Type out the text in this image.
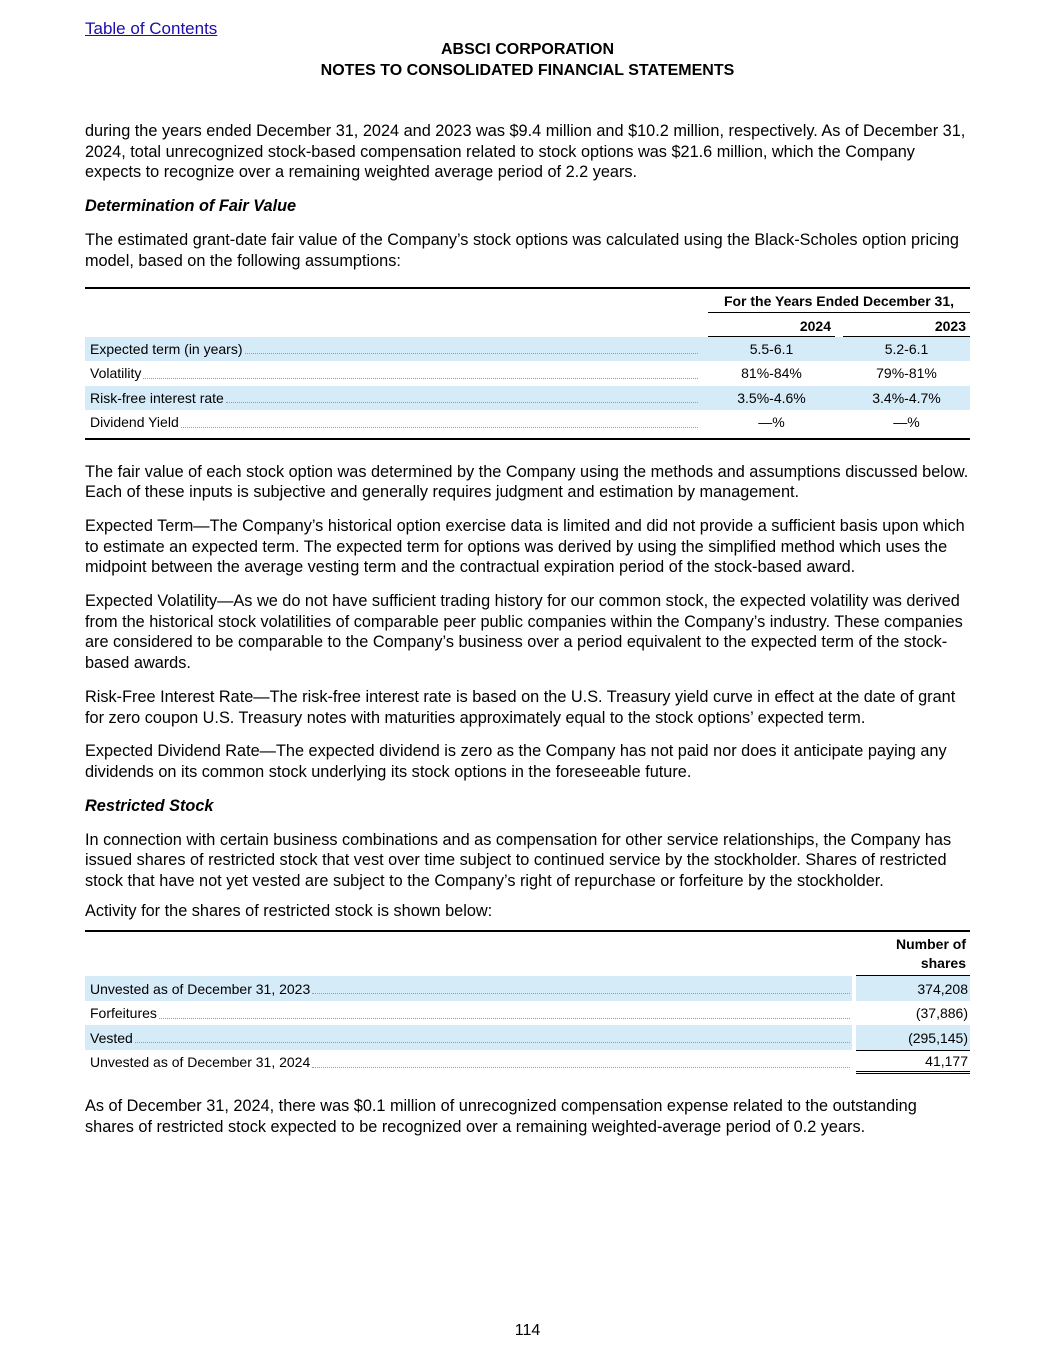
Table of Contents
ABSCI CORPORATION
NOTES TO CONSOLIDATED FINANCIAL STATEMENTS

during the years ended December 31, 2024 and 2023 was $9.4 million and $10.2 million, respectively. As of December 31, 2024, total unrecognized stock-based compensation related to stock options was $21.6 million, which the Company expects to recognize over a remaining weighted average period of 2.2 years.

Determination of Fair Value

The estimated grant-date fair value of the Company’s stock options was calculated using the Black-Scholes option pricing model, based on the following assumptions:

For the Years Ended December 31,
2024	2023
Expected term (in years)	5.5-6.1	5.2-6.1
Volatility	81%-84%	79%-81%
Risk-free interest rate	3.5%-4.6%	3.4%-4.7%
Dividend Yield	—%	—%

The fair value of each stock option was determined by the Company using the methods and assumptions discussed below. Each of these inputs is subjective and generally requires judgment and estimation by management.

Expected Term—The Company’s historical option exercise data is limited and did not provide a sufficient basis upon which to estimate an expected term. The expected term for options was derived by using the simplified method which uses the midpoint between the average vesting term and the contractual expiration period of the stock-based award.

Expected Volatility—As we do not have sufficient trading history for our common stock, the expected volatility was derived from the historical stock volatilities of comparable peer public companies within the Company’s industry. These companies are considered to be comparable to the Company’s business over a period equivalent to the expected term of the stock-based awards.

Risk-Free Interest Rate—The risk-free interest rate is based on the U.S. Treasury yield curve in effect at the date of grant for zero coupon U.S. Treasury notes with maturities approximately equal to the stock options’ expected term.

Expected Dividend Rate—The expected dividend is zero as the Company has not paid nor does it anticipate paying any dividends on its common stock underlying its stock options in the foreseeable future.

Restricted Stock

In connection with certain business combinations and as compensation for other service relationships, the Company has issued shares of restricted stock that vest over time subject to continued service by the stockholder. Shares of restricted stock that have not yet vested are subject to the Company’s right of repurchase or forfeiture by the stockholder.

Activity for the shares of restricted stock is shown below:

Number of
shares
Unvested as of December 31, 2023	374,208
Forfeitures	(37,886)
Vested	(295,145)
Unvested as of December 31, 2024	41,177

As of December 31, 2024, there was $0.1 million of unrecognized compensation expense related to the outstanding shares of restricted stock expected to be recognized over a remaining weighted-average period of 0.2 years.

114
